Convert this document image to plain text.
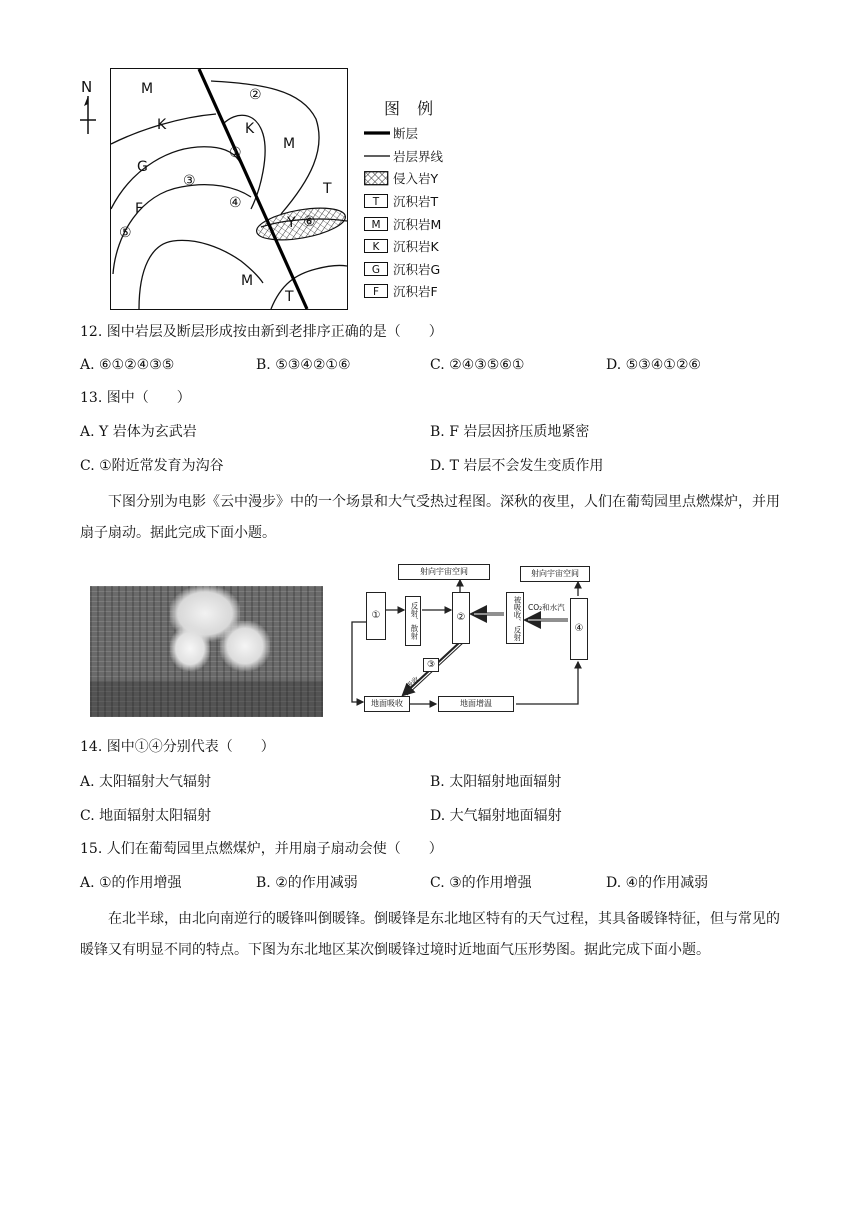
N	M
K
G
F
⑤
③
②
K
①
M
④
T
Y ⑥
M
T
图 例
断层
岩层界线
侵入岩Y
T	沉积岩T
M 沉积岩M
K	沉积岩K
G	沉积岩G
F	沉积岩F
12. 图中岩层及断层形成按由新到老排序正确的是（　　）
A. ⑥①②④③⑤	B. ⑤③④②①⑥	C. ②④③⑤⑥①	D. ⑤③④①②⑥
13. 图中（　　）
A. Y 岩体为玄武岩	B. F 岩层因挤压质地紧密
C. ①附近常发育为沟谷	D. T 岩层不会发生变质作用
下图分别为电影《云中漫步》中的一个场景和大气受热过程图。深秋的夜里，人们在葡萄园里点燃煤炉，并用扇子扇动。据此完成下面小题。
射向宇宙空间	射向宇宙空间
①	反射、散射	②	被吸收、反射 CO₂和水汽
④
③
吸收
地面吸收	地面增温
14. 图中①④分别代表（　　）
A. 太阳辐射大气辐射	B. 太阳辐射地面辐射
C. 地面辐射太阳辐射	D. 大气辐射地面辐射
15. 人们在葡萄园里点燃煤炉，并用扇子扇动会使（　　）
A. ①的作用增强	B. ②的作用减弱	C. ③的作用增强	D. ④的作用减弱
在北半球，由北向南逆行的暖锋叫倒暖锋。倒暖锋是东北地区特有的天气过程，其具备暖锋特征，但与常见的暖锋又有明显不同的特点。下图为东北地区某次倒暖锋过境时近地面气压形势图。据此完成下面小题。
